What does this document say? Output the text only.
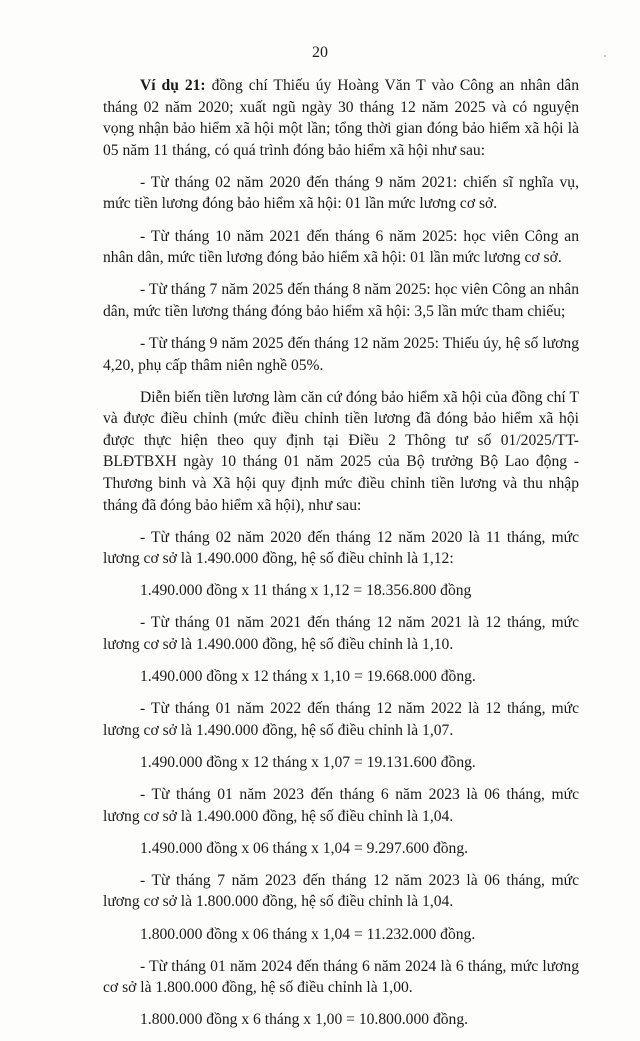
20

Ví dụ 21: đồng chí Thiếu úy Hoàng Văn T vào Công an nhân dân tháng 02 năm 2020; xuất ngũ ngày 30 tháng 12 năm 2025 và có nguyện vọng nhận bảo hiểm xã hội một lần; tổng thời gian đóng bảo hiểm xã hội là 05 năm 11 tháng, có quá trình đóng bảo hiểm xã hội như sau:

- Từ tháng 02 năm 2020 đến tháng 9 năm 2021: chiến sĩ nghĩa vụ, mức tiền lương đóng bảo hiểm xã hội: 01 lần mức lương cơ sở.

- Từ tháng 10 năm 2021 đến tháng 6 năm 2025: học viên Công an nhân dân, mức tiền lương đóng bảo hiểm xã hội: 01 lần mức lương cơ sở.

- Từ tháng 7 năm 2025 đến tháng 8 năm 2025: học viên Công an nhân dân, mức tiền lương tháng đóng bảo hiểm xã hội: 3,5 lần mức tham chiếu;

- Từ tháng 9 năm 2025 đến tháng 12 năm 2025: Thiếu úy, hệ số lương 4,20, phụ cấp thâm niên nghề 05%.

Diễn biến tiền lương làm căn cứ đóng bảo hiểm xã hội của đồng chí T và được điều chỉnh (mức điều chỉnh tiền lương đã đóng bảo hiểm xã hội được thực hiện theo quy định tại Điều 2 Thông tư số 01/2025/TT-BLĐTBXH ngày 10 tháng 01 năm 2025 của Bộ trưởng Bộ Lao động - Thương binh và Xã hội quy định mức điều chỉnh tiền lương và thu nhập tháng đã đóng bảo hiểm xã hội), như sau:

- Từ tháng 02 năm 2020 đến tháng 12 năm 2020 là 11 tháng, mức lương cơ sở là 1.490.000 đồng, hệ số điều chỉnh là 1,12:

1.490.000 đồng x 11 tháng x 1,12 = 18.356.800 đồng

- Từ tháng 01 năm 2021 đến tháng 12 năm 2021 là 12 tháng, mức lương cơ sở là 1.490.000 đồng, hệ số điều chỉnh là 1,10.

1.490.000 đồng x 12 tháng x 1,10 = 19.668.000 đồng.

- Từ tháng 01 năm 2022 đến tháng 12 năm 2022 là 12 tháng, mức lương cơ sở là 1.490.000 đồng, hệ số điều chỉnh là 1,07.

1.490.000 đồng x 12 tháng x 1,07 = 19.131.600 đồng.

- Từ tháng 01 năm 2023 đến tháng 6 năm 2023 là 06 tháng, mức lương cơ sở là 1.490.000 đồng, hệ số điều chỉnh là 1,04.

1.490.000 đồng x 06 tháng x 1,04 = 9.297.600 đồng.

- Từ tháng 7 năm 2023 đến tháng 12 năm 2023 là 06 tháng, mức lương cơ sở là 1.800.000 đồng, hệ số điều chỉnh là 1,04.

1.800.000 đồng x 06 tháng x 1,04 = 11.232.000 đồng.

- Từ tháng 01 năm 2024 đến tháng 6 năm 2024 là 6 tháng, mức lương cơ sở là 1.800.000 đồng, hệ số điều chỉnh là 1,00.

1.800.000 đồng x 6 tháng x 1,00 = 10.800.000 đồng.
